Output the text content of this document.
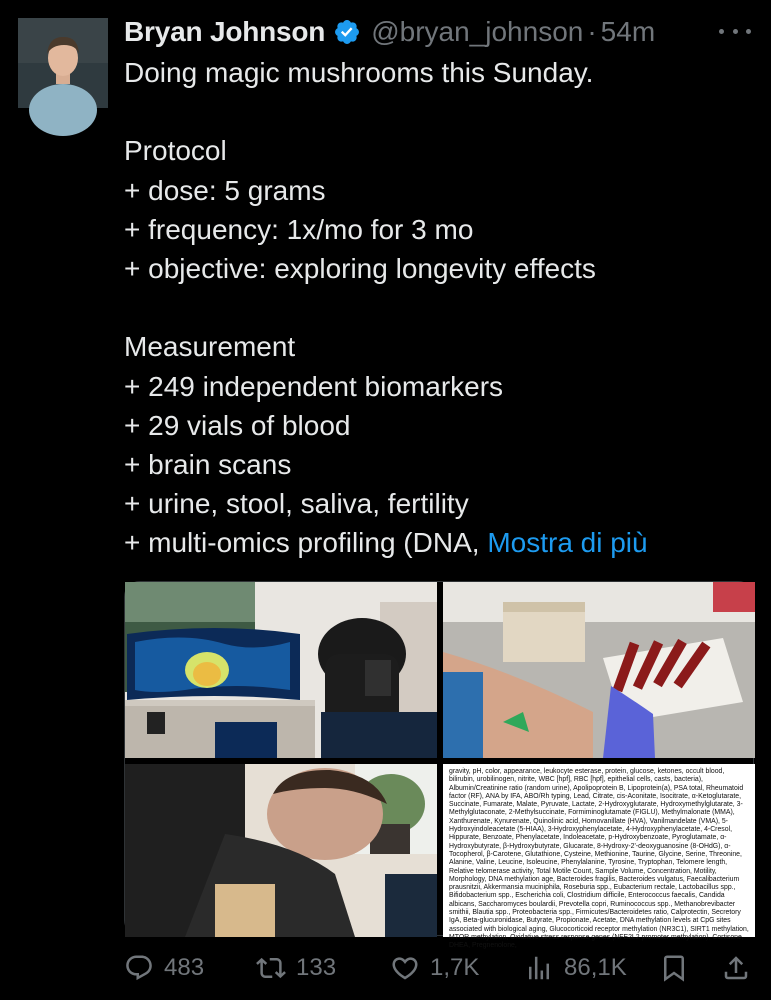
Bryan Johnson @bryan_johnson · 54m
Doing magic mushrooms this Sunday.
Protocol
+ dose: 5 grams
+ frequency: 1x/mo for 3 mo
+ objective: exploring longevity effects
Measurement
+ 249 independent biomarkers
+ 29 vials of blood
+ brain scans
+ urine, stool, saliva, fertility
+ multi-omics profiling (DNA, Mostra di più
gravity, pH, color, appearance, leukocyte esterase, protein, glucose, ketones, occult blood, bilirubin, urobilinogen, nitrite, WBC [hpf], RBC [hpf], epithelial cells, casts, bacteria), Albumin/Creatinine ratio (random urine), Apolipoprotein B, Lipoprotein(a), PSA total, Rheumatoid factor (RF), ANA by IFA, ABO/Rh typing, Lead, Citrate, cis-Aconitate, Isocitrate, α-Ketoglutarate, Succinate, Fumarate, Malate, Pyruvate, Lactate, 2-Hydroxyglutarate, Hydroxymethylglutarate, 3-Methylglutaconate, 2-Methylsuccinate, Formiminoglutamate (FIGLU), Methylmalonate (MMA), Xanthurenate, Kynurenate, Quinolinic acid, Homovanillate (HVA), Vanilmandelate (VMA), 5-Hydroxyindoleacetate (5-HIAA), 3-Hydroxyphenylacetate, 4-Hydroxyphenylacetate, 4-Cresol, Hippurate, Benzoate, Phenylacetate, Indoleacetate, p-Hydroxybenzoate, Pyroglutamate, α-Hydroxybutyrate, β-Hydroxybutyrate, Glucarate, 8-Hydroxy-2'-deoxyguanosine (8-OHdG), α-Tocopherol, β-Carotene, Glutathione, Cysteine, Methionine, Taurine, Glycine, Serine, Threonine, Alanine, Valine, Leucine, Isoleucine, Phenylalanine, Tyrosine, Tryptophan, Telomere length, Relative telomerase activity, Total Motile Count, Sample Volume, Concentration, Motility, Morphology, DNA methylation age, Bacteroides fragilis, Bacteroides vulgatus, Faecalibacterium prausnitzii, Akkermansia muciniphila, Roseburia spp., Eubacterium rectale, Lactobacillus spp., Bifidobacterium spp., Escherichia coli, Clostridium difficile, Enterococcus faecalis, Candida albicans, Saccharomyces boulardii, Prevotella copri, Ruminococcus spp., Methanobrevibacter smithii, Blautia spp., Proteobacteria spp., Firmicutes/Bacteroidetes ratio, Calprotectin, Secretory IgA, Beta-glucuronidase, Butyrate, Propionate, Acetate, DNA methylation levels at CpG sites associated with biological aging, Glucocorticoid receptor methylation (NR3C1), SIRT1 methylation, MTOR methylation, Oxidative stress response genes (NFE2L2 promoter methylation), Cortisone, DHEA, Pregnenolone,
483	133	1,7K	86,1K
